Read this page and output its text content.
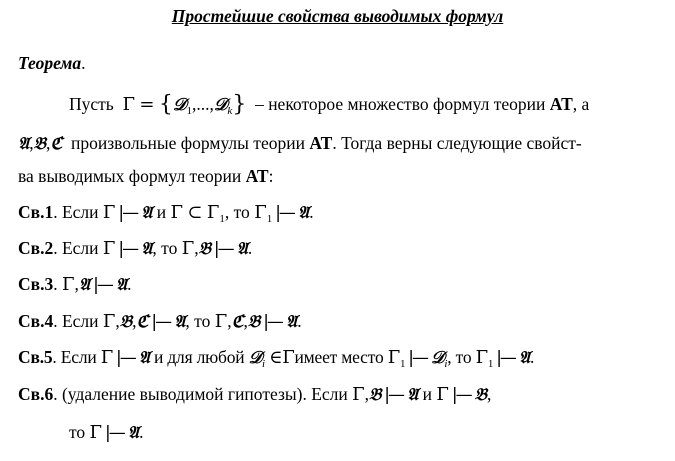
Простейшие свойства выводимых формул
Теорема.
Пусть Γ = {𝒟$_1$,...,𝒟$_k$} – некоторое множество формул теории AT, а
𝔄,𝔅,ℭ произвольные формулы теории AT. Тогда верны следующие свойст-
ва выводимых формул теории AT:
Св.1. Если Γ |— 𝔄 и Γ ⊂ $\Gamma_1$, то $\Gamma_1$ |— 𝔄.
Св.2. Если Γ |— 𝔄, то Γ,𝔅 |— 𝔄.
Св.3. Γ,𝔄 |— 𝔄.
Св.4. Если Γ,𝔅,ℭ |— 𝔄, то Γ,ℭ,𝔅 |— 𝔄.
Св.5. Если Γ |— 𝔄 и для любой 𝒟$_i$ ∈Γимеет место $\Gamma_1$ |— 𝒟$_i$, то $\Gamma_1$ |— 𝔄.
Св.6. (удаление выводимой гипотезы). Если Γ,𝔅 |— 𝔄 и Γ |— 𝔅,
то Γ |— 𝔄.
